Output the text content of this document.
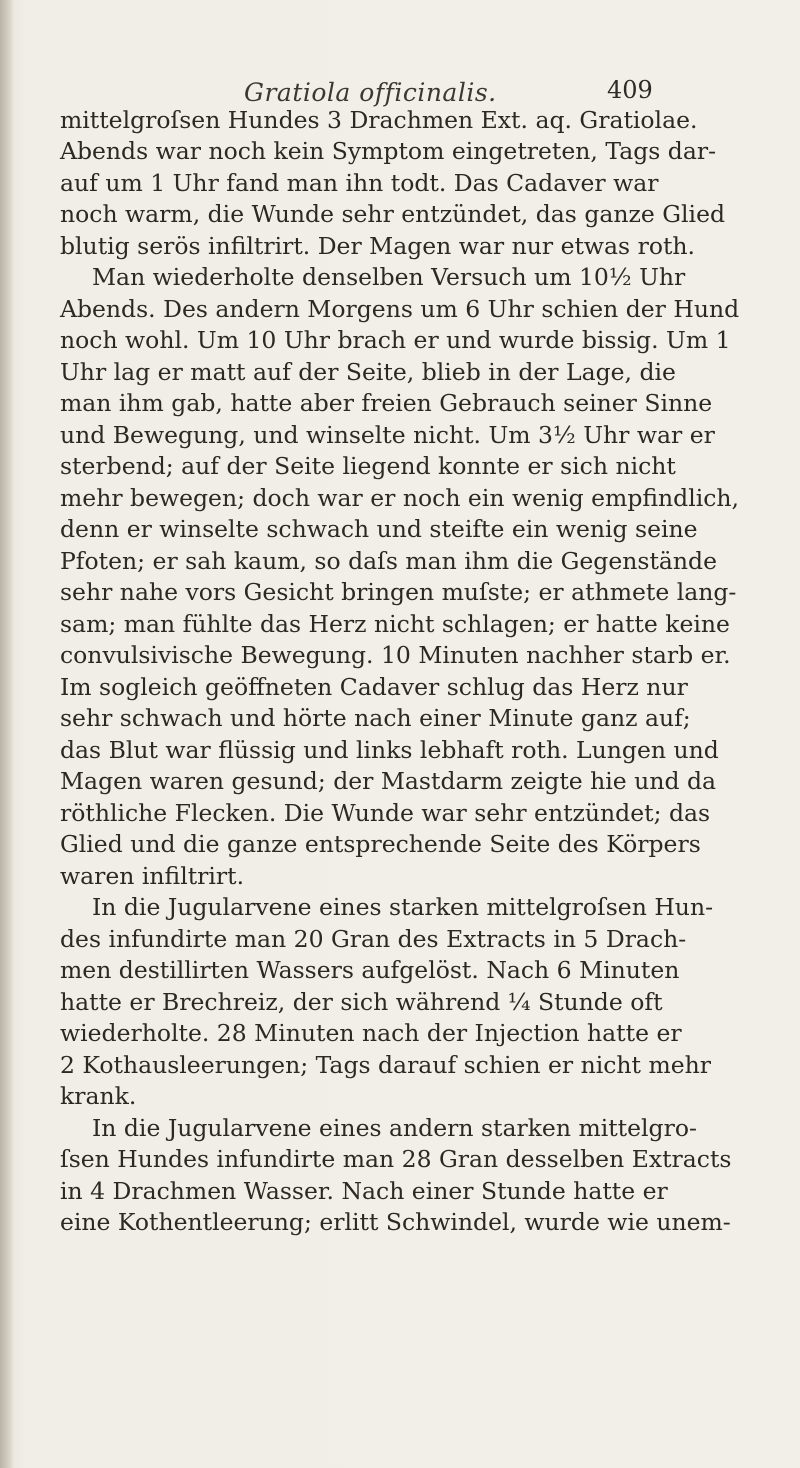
Gratiola officinalis.	409
mittelgroſsen Hundes 3 Drachmen Ext. aq. Gratiolae.
Abends war noch kein Symptom eingetreten, Tags dar-
auf um 1 Uhr fand man ihn todt. Das Cadaver war
noch warm, die Wunde sehr entzündet, das ganze Glied
blutig serös infiltrirt. Der Magen war nur etwas roth.
Man wiederholte denselben Versuch um 10½ Uhr
Abends. Des andern Morgens um 6 Uhr schien der Hund
noch wohl. Um 10 Uhr brach er und wurde bissig. Um 1
Uhr lag er matt auf der Seite, blieb in der Lage, die
man ihm gab, hatte aber freien Gebrauch seiner Sinne
und Bewegung, und winselte nicht. Um 3½ Uhr war er
sterbend; auf der Seite liegend konnte er sich nicht
mehr bewegen; doch war er noch ein wenig empfindlich,
denn er winselte schwach und steifte ein wenig seine
Pfoten; er sah kaum, so daſs man ihm die Gegenstände
sehr nahe vors Gesicht bringen muſste; er athmete lang-
sam; man fühlte das Herz nicht schlagen; er hatte keine
convulsivische Bewegung. 10 Minuten nachher starb er.
Im sogleich geöffneten Cadaver schlug das Herz nur
sehr schwach und hörte nach einer Minute ganz auf;
das Blut war flüssig und links lebhaft roth. Lungen und
Magen waren gesund; der Mastdarm zeigte hie und da
röthliche Flecken. Die Wunde war sehr entzündet; das
Glied und die ganze entsprechende Seite des Körpers
waren infiltrirt.
In die Jugularvene eines starken mittelgroſsen Hun-
des infundirte man 20 Gran des Extracts in 5 Drach-
men destillirten Wassers aufgelöst. Nach 6 Minuten
hatte er Brechreiz, der sich während ¼ Stunde oft
wiederholte. 28 Minuten nach der Injection hatte er
2 Kothausleerungen; Tags darauf schien er nicht mehr
krank.
In die Jugularvene eines andern starken mittelgro-
ſsen Hundes infundirte man 28 Gran desselben Extracts
in 4 Drachmen Wasser. Nach einer Stunde hatte er
eine Kothentleerung; erlitt Schwindel, wurde wie unem-
